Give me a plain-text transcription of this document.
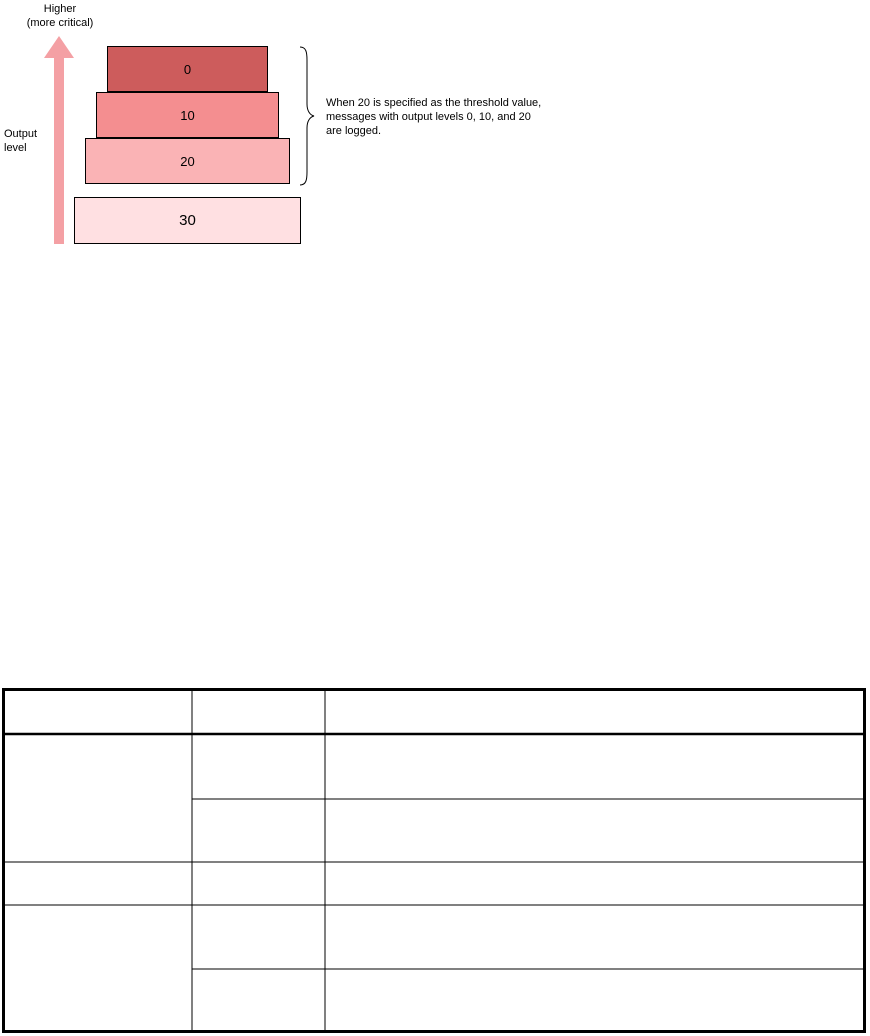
Higher
(more critical)
Output
level
0
10
20
30
When 20 is specified as the threshold value,
messages with output levels 0, 10, and 20
are logged.
